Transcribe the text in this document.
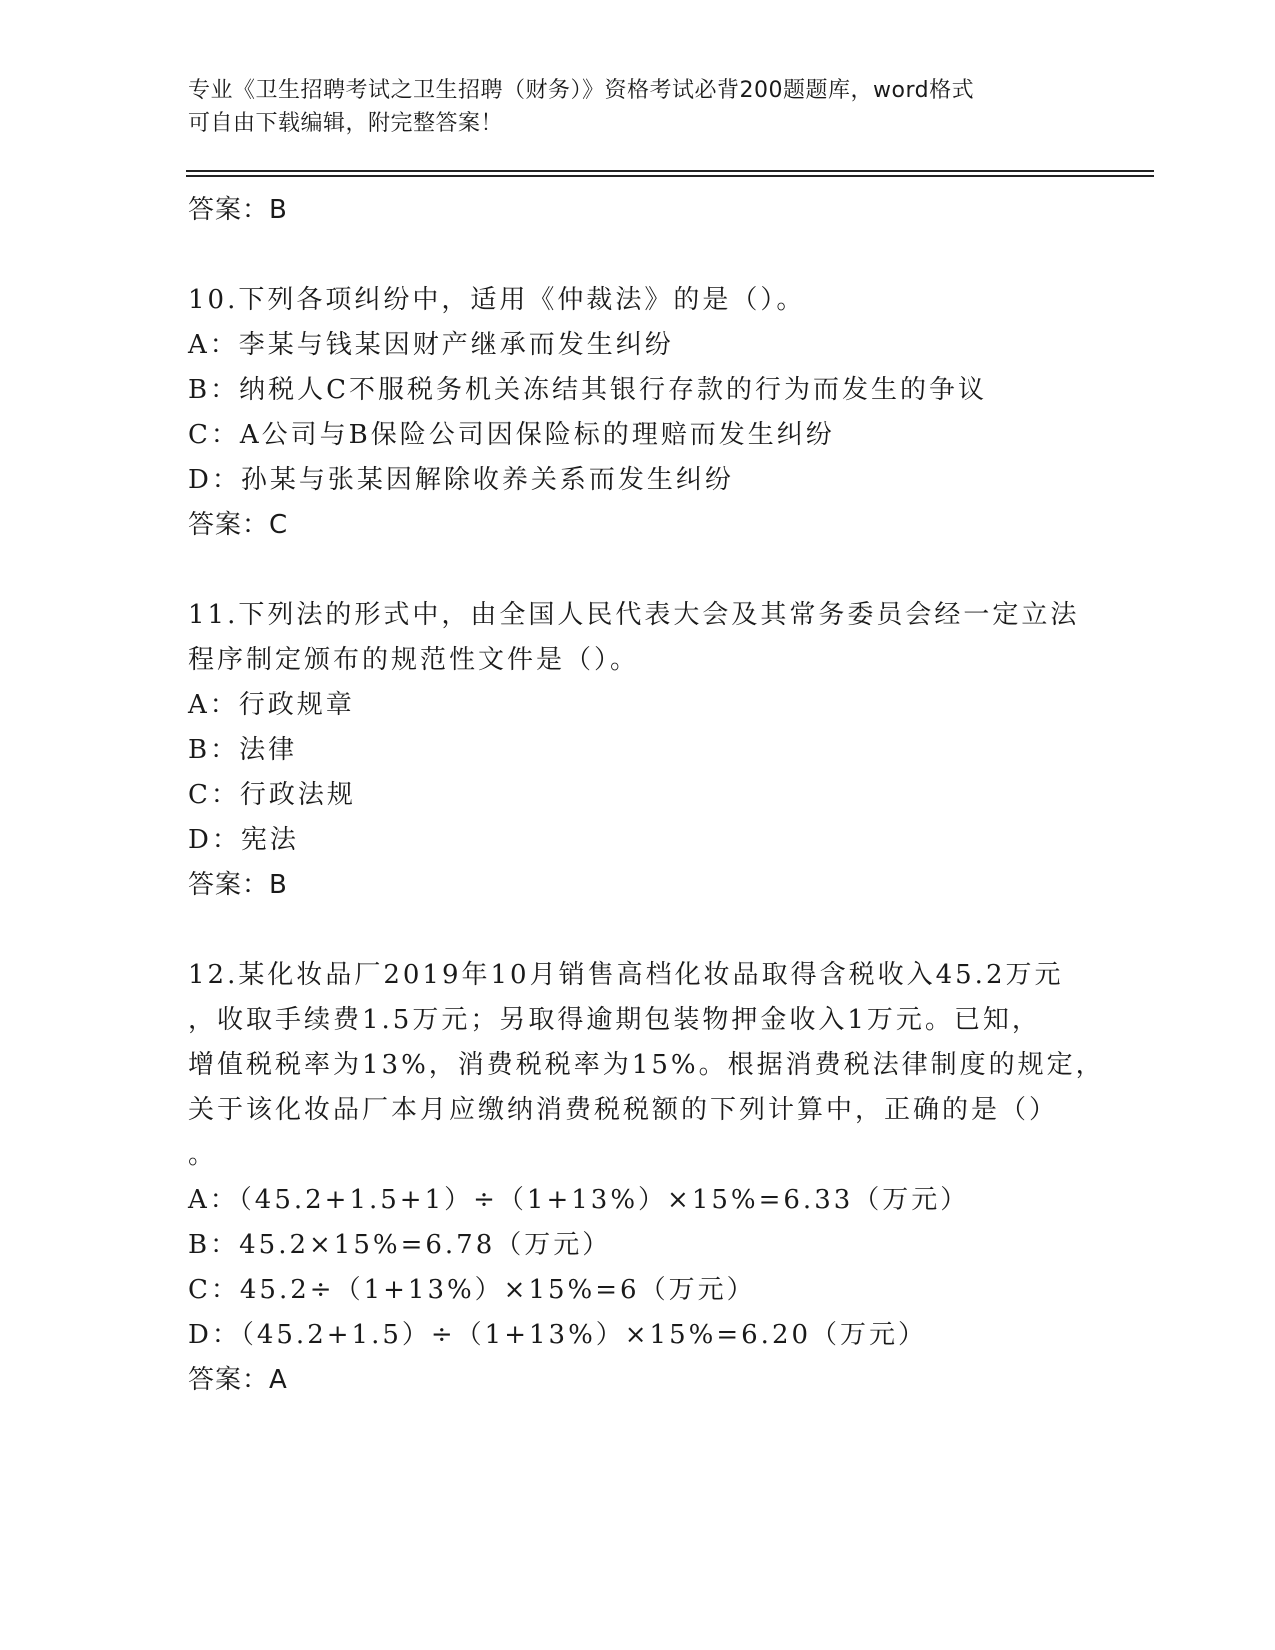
专业《卫生招聘考试之卫生招聘（财务）》资格考试必背200题题库，word格式
可自由下载编辑，附完整答案！
答案：B
10.下列各项纠纷中，适用《仲裁法》的是（）。
A：李某与钱某因财产继承而发生纠纷
B：纳税人C不服税务机关冻结其银行存款的行为而发生的争议
C：A公司与B保险公司因保险标的理赔而发生纠纷
D：孙某与张某因解除收养关系而发生纠纷
答案：C
11.下列法的形式中，由全国人民代表大会及其常务委员会经一定立法
程序制定颁布的规范性文件是（）。
A：行政规章
B：法律
C：行政法规
D：宪法
答案：B
12.某化妆品厂2019年10月销售高档化妆品取得含税收入45.2万元
，收取手续费1.5万元；另取得逾期包装物押金收入1万元。已知，
增值税税率为13%，消费税税率为15%。根据消费税法律制度的规定，
关于该化妆品厂本月应缴纳消费税税额的下列计算中，正确的是（）
。
A：（45.2+1.5+1）÷（1+13%）×15%=6.33（万元）
B：45.2×15%=6.78（万元）
C：45.2÷（1+13%）×15%=6（万元）
D：（45.2+1.5）÷（1+13%）×15%=6.20（万元）
答案：A
